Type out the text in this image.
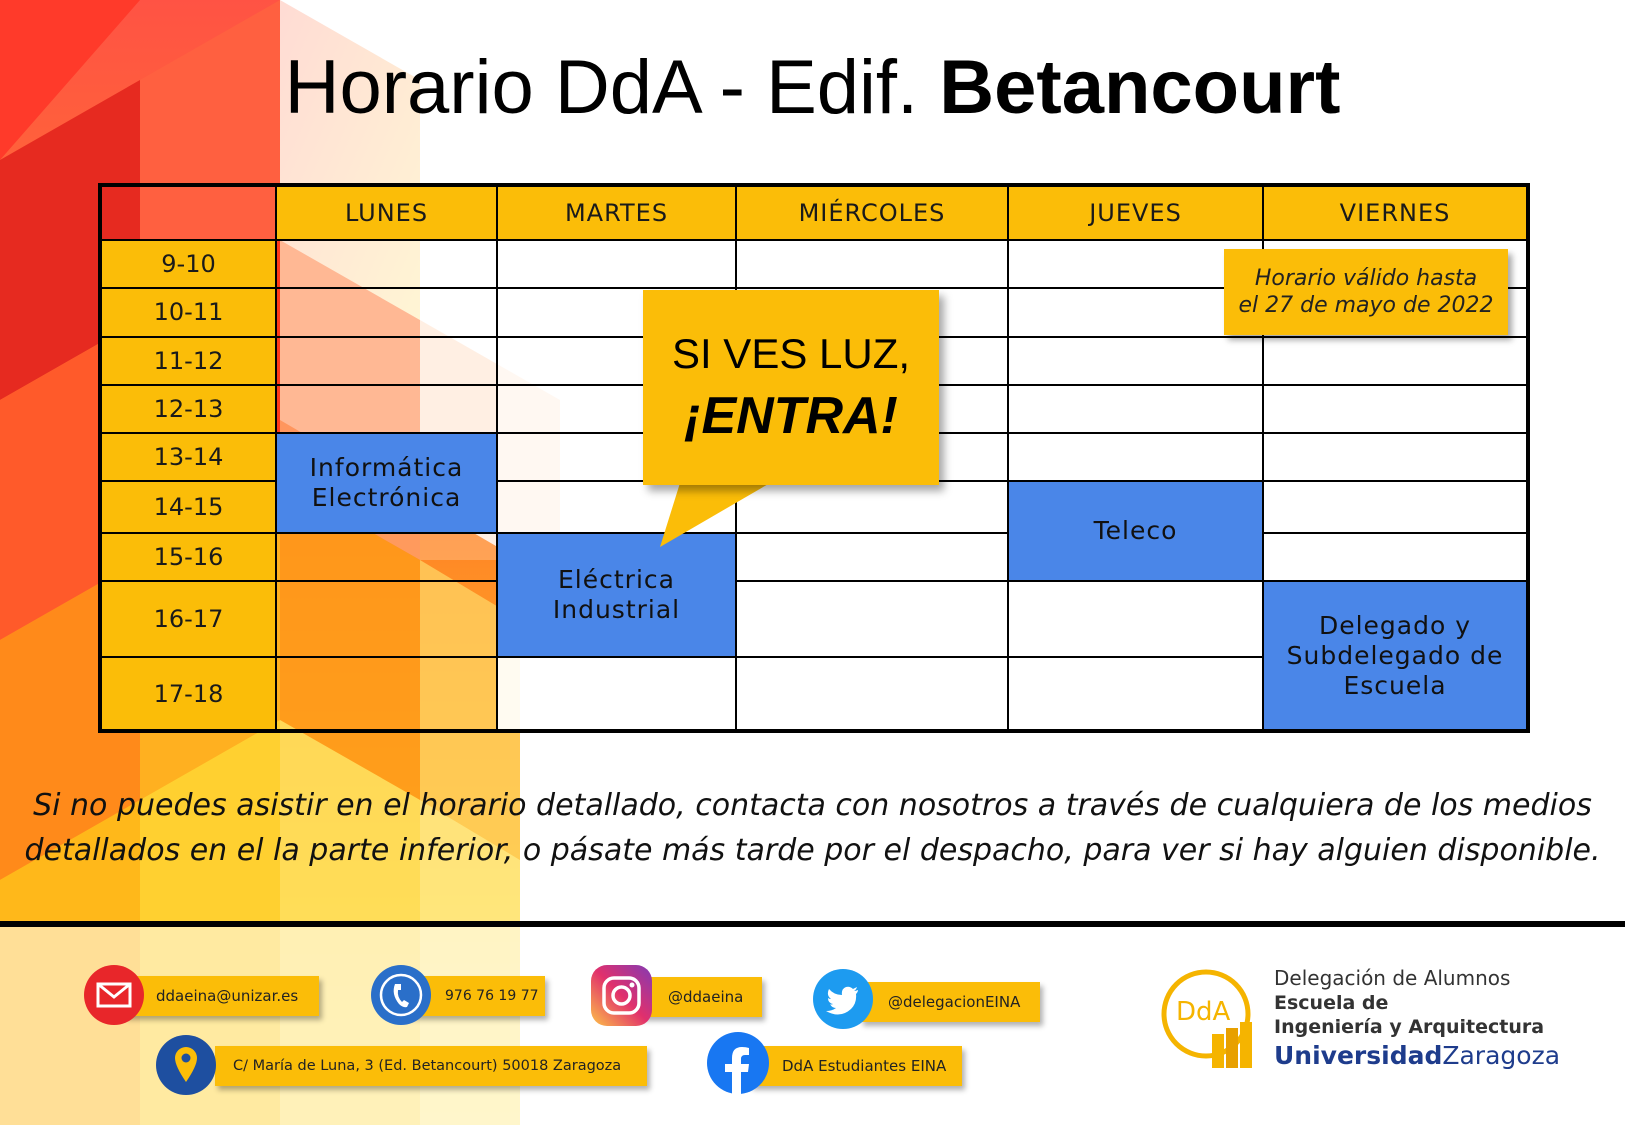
Horario DdA - Edif. Betancourt
	LUNES	MARTES	MIÉRCOLES	JUEVES	VIERNES
9-10					
10-11					
11-12					
12-13					
13-14	Informática
Electrónica				

14-15				Teleco	

15-16		Eléctrica
Industrial			

16-17					Delegado y
Subdelegado de
Escuela

17-18					
Horario válido hasta
el 27 de mayo de 2022
SI VES LUZ,
¡ENTRA!
Si no puedes asistir en el horario detallado, contacta con nosotros a través de cualquiera de los medios
detallados en el la parte inferior, o pásate más tarde por el despacho, para ver si hay alguien disponible.
ddaeina@unizar.es	976 76 19 77	@ddaeina	@delegacionEINA
C/ María de Luna, 3 (Ed. Betancourt) 50018 Zaragoza	DdA Estudiantes EINA
DdA
Delegación de Alumnos
Escuela de
Ingeniería y Arquitectura
UniversidadZaragoza
